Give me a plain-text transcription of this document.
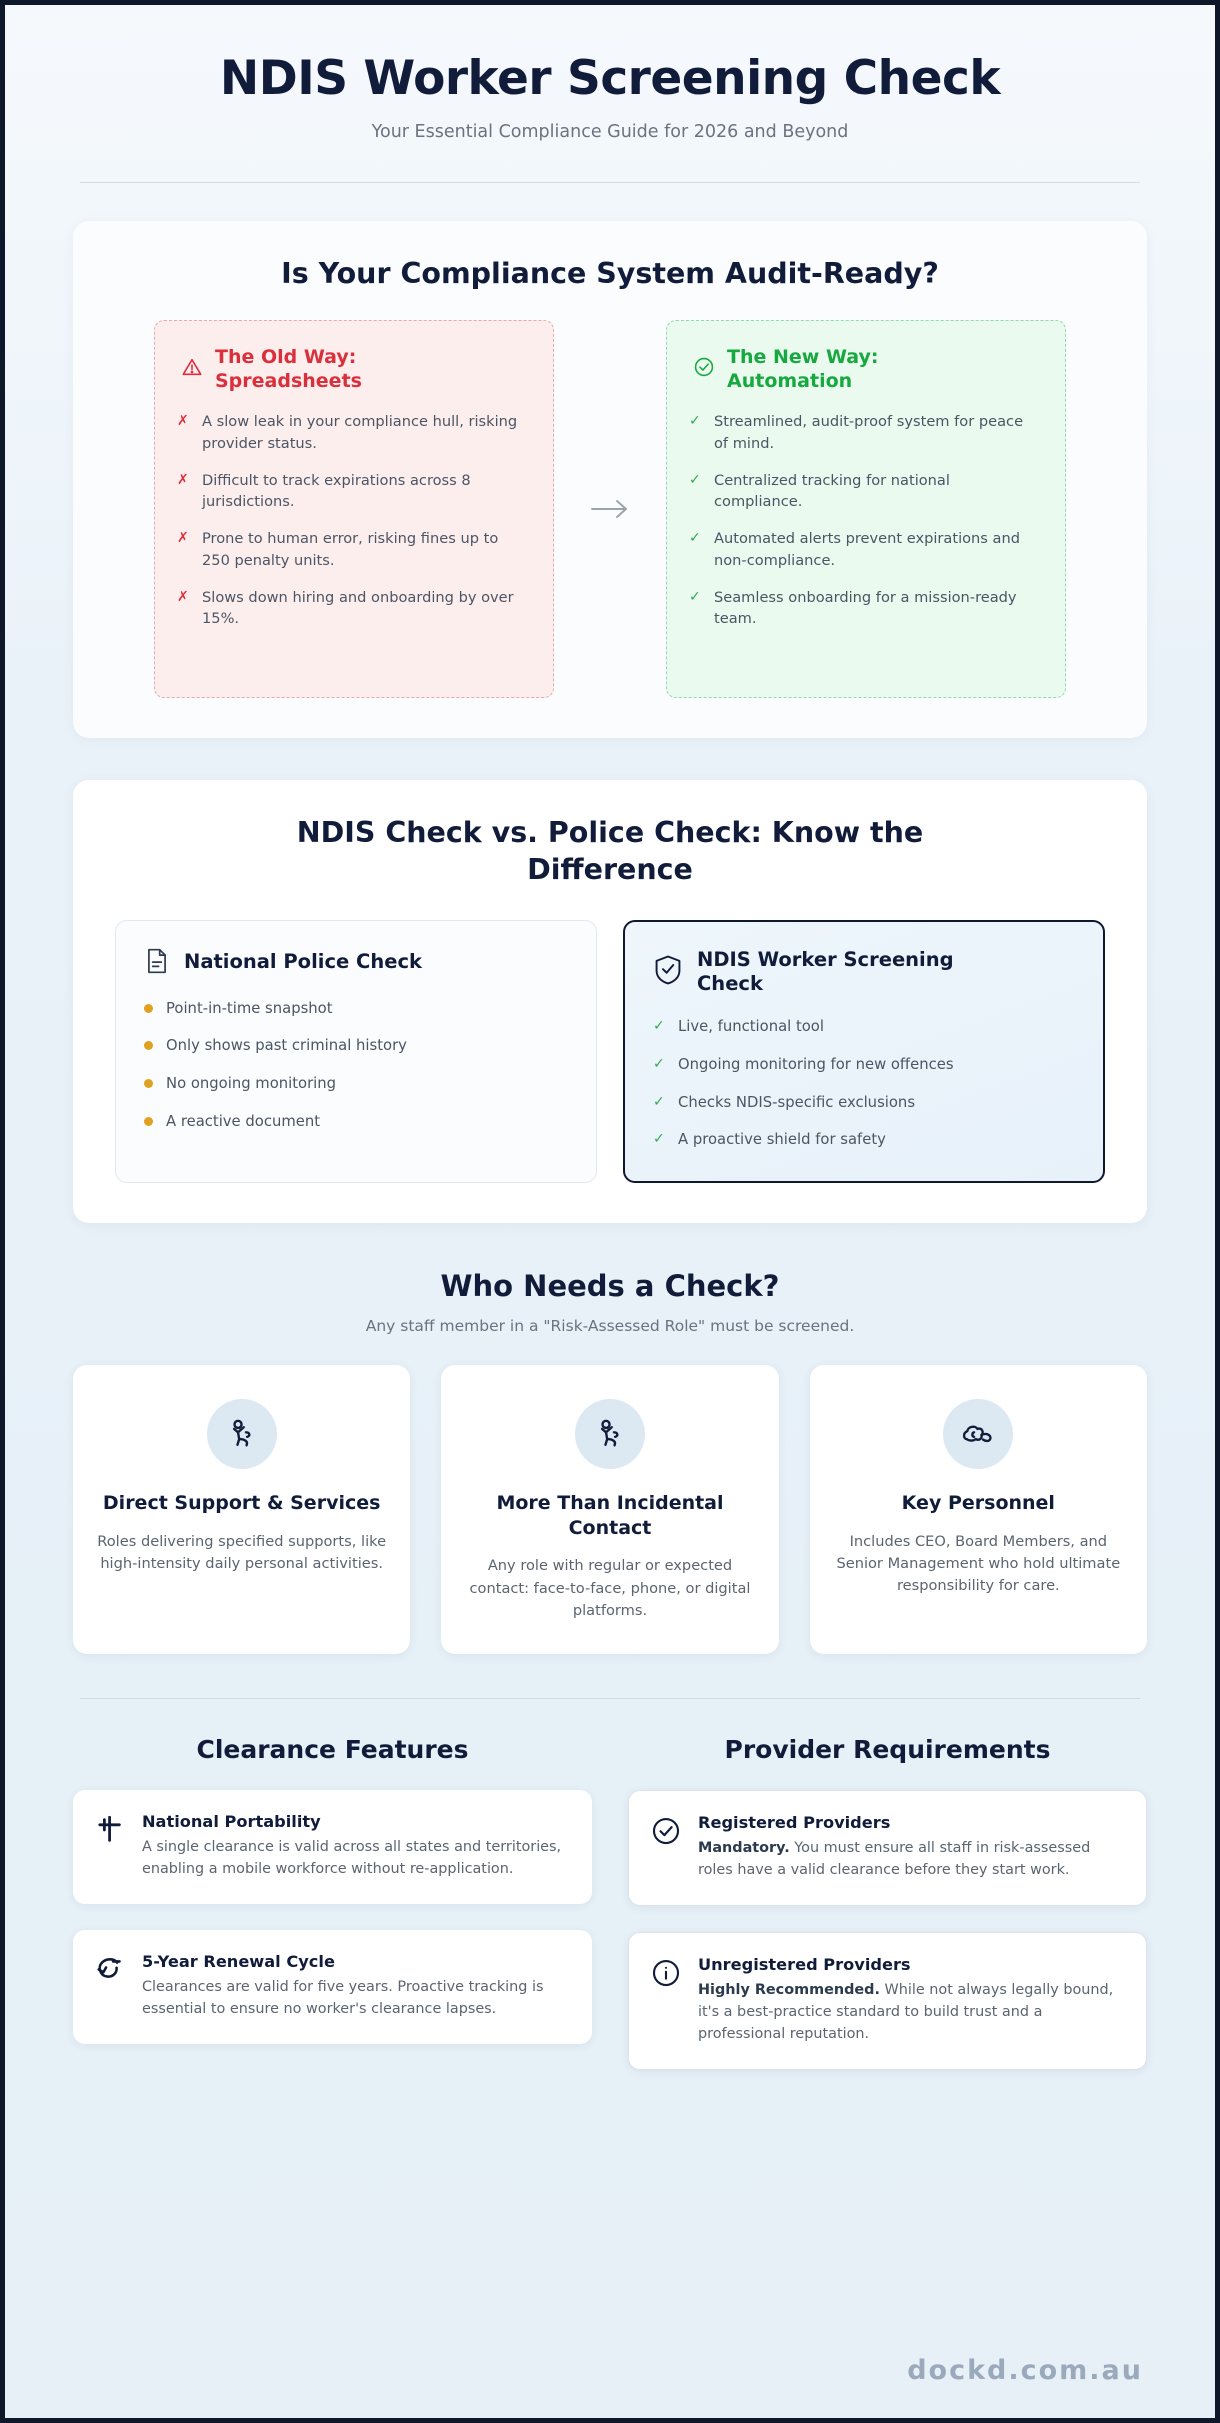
NDIS Worker Screening Check
Your Essential Compliance Guide for 2026 and Beyond
Is Your Compliance System Audit-Ready?
The Old Way: Spreadsheets
✗ A slow leak in your compliance hull, risking provider status.
✗ Difficult to track expirations across 8 jurisdictions.
✗ Prone to human error, risking fines up to 250 penalty units.
✗ Slows down hiring and onboarding by over 15%.
The New Way: Automation
✓ Streamlined, audit-proof system for peace of mind.
✓ Centralized tracking for national compliance.
✓ Automated alerts prevent expirations and non-compliance.
✓ Seamless onboarding for a mission-ready team.
NDIS Check vs. Police Check: Know the Difference
National Police Check
Point-in-time snapshot
Only shows past criminal history
No ongoing monitoring
A reactive document
NDIS Worker Screening Check
✓ Live, functional tool
✓ Ongoing monitoring for new offences
✓ Checks NDIS-specific exclusions
✓ A proactive shield for safety
Who Needs a Check?
Any staff member in a "Risk-Assessed Role" must be screened.
Direct Support & Services

Roles delivering specified supports, like high-intensity daily personal activities.

More Than Incidental Contact

Any role with regular or expected contact: face-to-face, phone, or digital platforms.

Key Personnel

Includes CEO, Board Members, and Senior Management who hold ultimate responsibility for care.

Clearance Features
National Portability

A single clearance is valid across all states and territories, enabling a mobile workforce without re-application.

5-Year Renewal Cycle

Clearances are valid for five years. Proactive tracking is essential to ensure no worker's clearance lapses.

Provider Requirements
Registered Providers

Mandatory. You must ensure all staff in risk-assessed roles have a valid clearance before they start work.

Unregistered Providers

Highly Recommended. While not always legally bound, it's a best-practice standard to build trust and a professional reputation.

dockd.com.au
